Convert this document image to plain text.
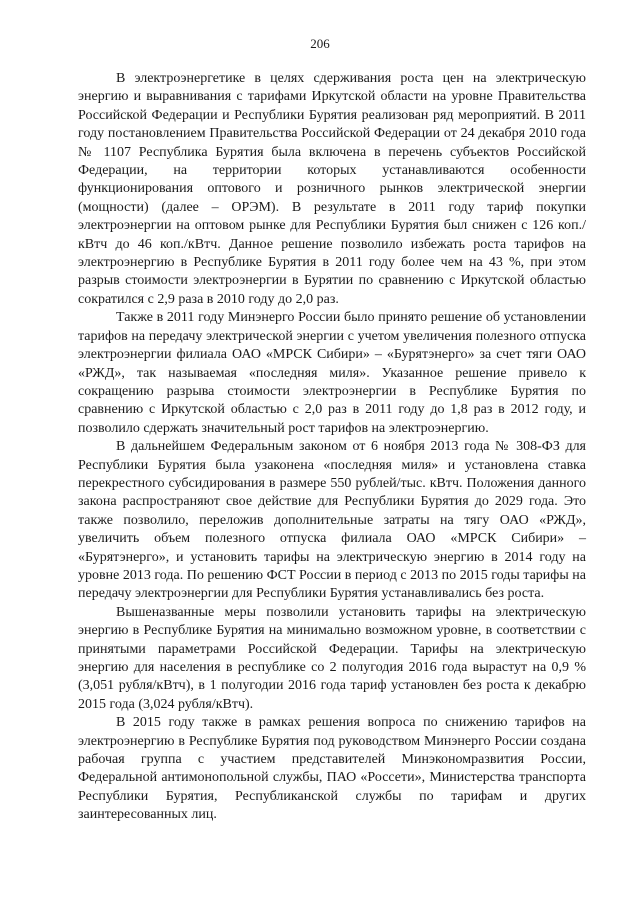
206

В электроэнергетике в целях сдерживания роста цен на электрическую энергию и выравнивания с тарифами Иркутской области на уровне Правительства Российской Федерации и Республики Бурятия реализован ряд мероприятий. В 2011 году постановлением Правительства Российской Федерации от 24 декабря 2010 года № 1107 Республика Бурятия была включена в перечень субъектов Российской Федерации, на территории которых устанавливаются особенности функционирования оптового и розничного рынков электрической энергии (мощности) (далее – ОРЭМ). В результате в 2011 году тариф покупки электроэнергии на оптовом рынке для Республики Бурятия был снижен с 126 коп./кВтч до 46 коп./кВтч. Данное решение позволило избежать роста тарифов на электроэнергию в Республике Бурятия в 2011 году более чем на 43 %, при этом разрыв стоимости электроэнергии в Бурятии по сравнению с Иркутской областью сократился с 2,9 раза в 2010 году до 2,0 раз.

Также в 2011 году Минэнерго России было принято решение об установлении тарифов на передачу электрической энергии с учетом увеличения полезного отпуска электроэнергии филиала ОАО «МРСК Сибири» – «Бурятэнерго» за счет тяги ОАО «РЖД», так называемая «последняя миля». Указанное решение привело к сокращению разрыва стоимости электроэнергии в Республике Бурятия по сравнению с Иркутской областью с 2,0 раз в 2011 году до 1,8 раз в 2012 году, и позволило сдержать значительный рост тарифов на электроэнергию.

В дальнейшем Федеральным законом от 6 ноября 2013 года № 308-ФЗ для Республики Бурятия была узаконена «последняя миля» и установлена ставка перекрестного субсидирования в размере 550 рублей/тыс. кВтч. Положения данного закона распространяют свое действие для Республики Бурятия до 2029 года. Это также позволило, переложив дополнительные затраты на тягу ОАО «РЖД», увеличить объем полезного отпуска филиала ОАО «МРСК Сибири» – «Бурятэнерго», и установить тарифы на электрическую энергию в 2014 году на уровне 2013 года. По решению ФСТ России в период с 2013 по 2015 годы тарифы на передачу электроэнергии для Республики Бурятия устанавливались без роста.

Вышеназванные меры позволили установить тарифы на электрическую энергию в Республике Бурятия на минимально возможном уровне, в соответствии с принятыми параметрами Российской Федерации. Тарифы на электрическую энергию для населения в республике со 2 полугодия 2016 года вырастут на 0,9 % (3,051 рубля/кВтч), в 1 полугодии 2016 года тариф установлен без роста к декабрю 2015 года (3,024 рубля/кВтч).

В 2015 году также в рамках решения вопроса по снижению тарифов на электроэнергию в Республике Бурятия под руководством Минэнерго России создана рабочая группа с участием представителей Минэкономразвития России, Федеральной антимонопольной службы, ПАО «Россети», Министерства транспорта Республики Бурятия, Республиканской службы по тарифам и других заинтересованных лиц.
